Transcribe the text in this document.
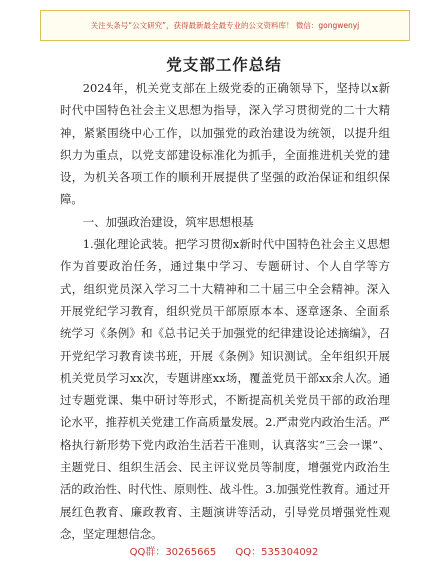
关注头条号“公文研究”，获得最新最全最专业的公文资料库！ 微信：gongwenyj
党支部工作总结

2024年，机关党支部在上级党委的正确领导下，坚持以x新时代中国特色社会主义思想为指导，深入学习贯彻党的二十大精神，紧紧围绕中心工作，以加强党的政治建设为统领，以提升组织力为重点，以党支部建设标准化为抓手，全面推进机关党的建设，为机关各项工作的顺利开展提供了坚强的政治保证和组织保障。

一、加强政治建设，筑牢思想根基

1.强化理论武装。把学习贯彻x新时代中国特色社会主义思想作为首要政治任务，通过集中学习、专题研讨、个人自学等方式，组织党员深入学习二十大精神和二十届三中全会精神。深入开展党纪学习教育，组织党员干部原原本本、逐章逐条、全面系统学习《条例》和《总书记关于加强党的纪律建设论述摘编》，召开党纪学习教育读书班，开展《条例》知识测试。全年组织开展机关党员学习xx次，专题讲座xx场，覆盖党员干部xx余人次。通过专题党课、集中研讨等形式，不断提高机关党员干部的政治理论水平，推荐机关党建工作高质量发展。2.严肃党内政治生活。严格执行新形势下党内政治生活若干准则，认真落实“三会一课”、主题党日、组织生活会、民主评议党员等制度，增强党内政治生活的政治性、时代性、原则性、战斗性。3.加强党性教育。通过开展红色教育、廉政教育、主题演讲等活动，引导党员增强党性观念，坚定理想信念。

QQ群：30265665 QQ：535304092
